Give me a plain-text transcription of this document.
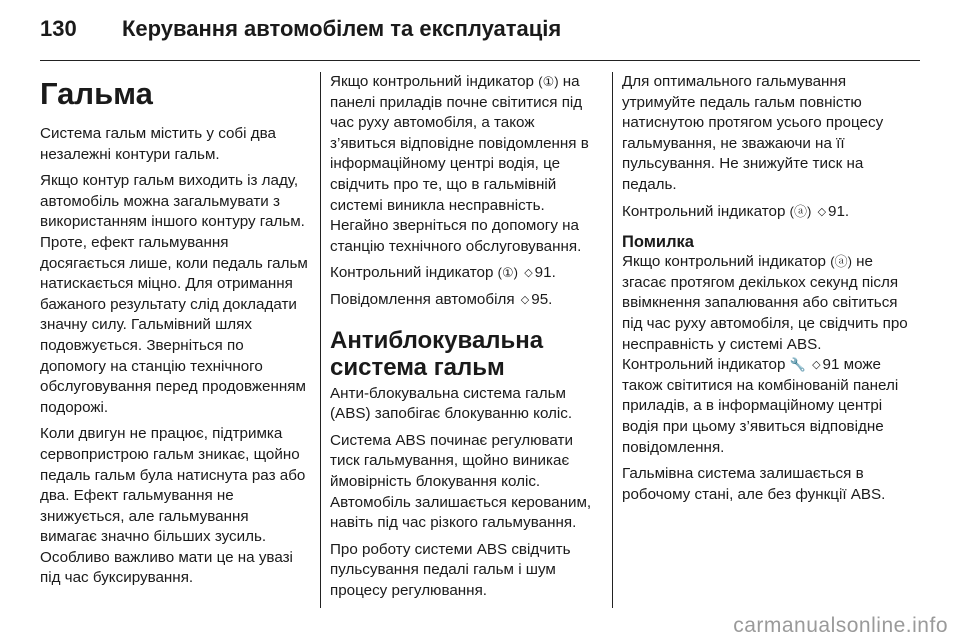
130	Керування автомобілем та експлуатація
Гальма

Система гальм містить у собі два незалежні контури гальм.

Якщо контур гальм виходить із ладу, автомобіль можна загальмувати з використанням іншого контуру гальм. Проте, ефект гальмування досягається лише, коли педаль гальм натискається міцно. Для отримання бажаного результату слід докладати значну силу. Гальмівний шлях подовжується. Зверніться по допомогу на станцію технічного обслуговування перед продовженням подорожі.

Коли двигун не працює, підтримка сервопристрою гальм зникає, щойно педаль гальм була натиснута раз або два. Ефект гальмування не знижується, але гальмування вимагає значно більших зусиль. Особливо важливо мати це на увазі під час буксирування.

Якщо контрольний індикатор (①) на панелі приладів почне світитися під час руху автомобіля, а також з’явиться відповідне повідомлення в інформаційному центрі водія, це свідчить про те, що в гальмівній системі виникла несправність. Негайно зверніться по допомогу на станцію технічного обслуговування.

Контрольний індикатор (①) ◇ 91.

Повідомлення автомобіля ◇ 95.

Антиблокувальна система гальм

Анти-блокувальна система гальм (ABS) запобігає блокуванню коліс.

Система ABS починає регулювати тиск гальмування, щойно виникає ймовірність блокування коліс. Автомобіль залишається керованим, навіть під час різкого гальмування.

Про роботу системи ABS свідчить пульсування педалі гальм і шум процесу регулювання.

Для оптимального гальмування утримуйте педаль гальм повністю натиснутою протягом усього процесу гальмування, не зважаючи на її пульсування. Не знижуйте тиск на педаль.

Контрольний індикатор (ⓐ) ◇ 91.

Помилка

Якщо контрольний індикатор (ⓐ) не згасає протягом декількох секунд після ввімкнення запалювання або світиться під час руху автомобіля, це свідчить про несправність у системі ABS. Контрольний індикатор 🔧 ◇ 91 може також світитися на комбінованій панелі приладів, а в інформаційному центрі водія при цьому з’явиться відповідне повідомлення.

Гальмівна система залишається в робочому стані, але без функції ABS.

carmanualsonline.info
